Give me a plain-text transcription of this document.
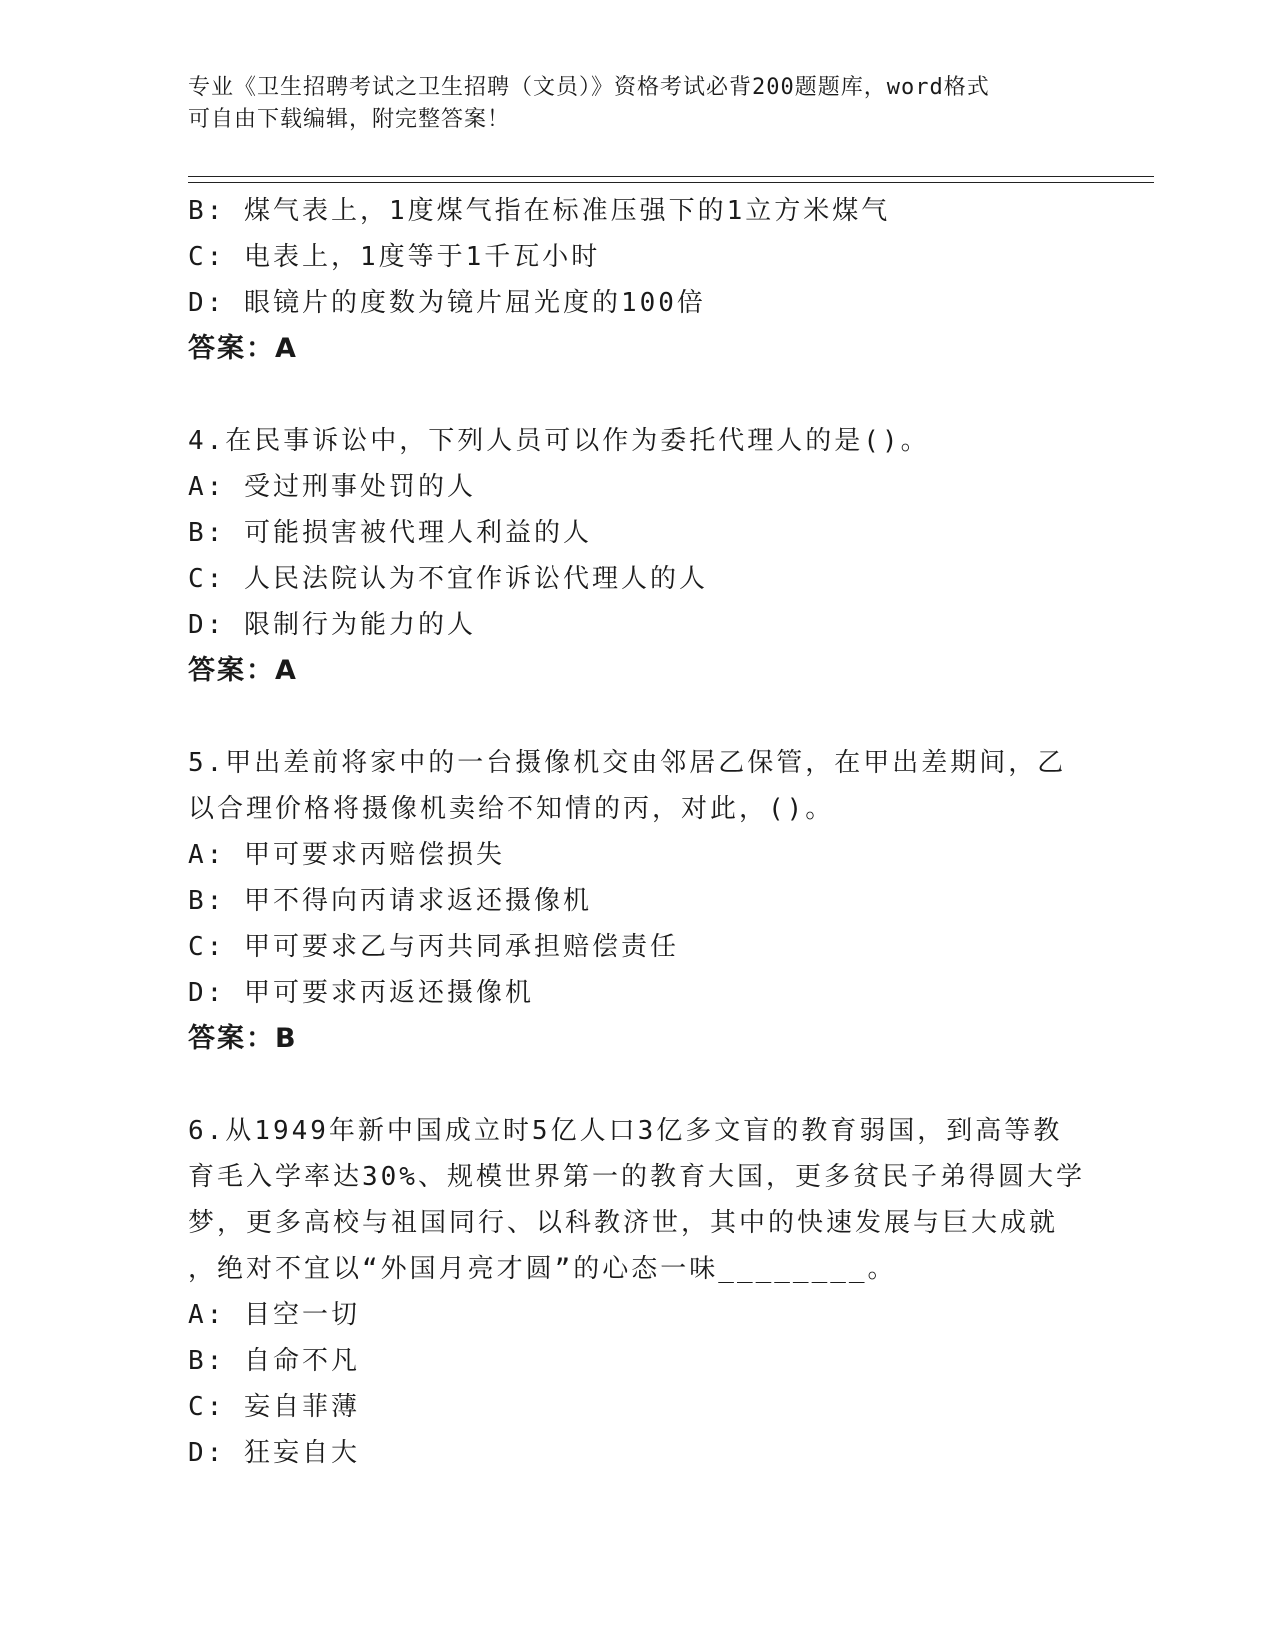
专业《卫生招聘考试之卫生招聘（文员）》资格考试必背200题题库，word格式
可自由下载编辑，附完整答案！
B: 煤气表上，1度煤气指在标准压强下的1立方米煤气
C: 电表上，1度等于1千瓦小时
D: 眼镜片的度数为镜片屈光度的100倍
答案：A
4.在民事诉讼中，下列人员可以作为委托代理人的是()。
A: 受过刑事处罚的人
B: 可能损害被代理人利益的人
C: 人民法院认为不宜作诉讼代理人的人
D: 限制行为能力的人
答案：A
5.甲出差前将家中的一台摄像机交由邻居乙保管，在甲出差期间，乙
以合理价格将摄像机卖给不知情的丙，对此，()。
A: 甲可要求丙赔偿损失
B: 甲不得向丙请求返还摄像机
C: 甲可要求乙与丙共同承担赔偿责任
D: 甲可要求丙返还摄像机
答案：B
6.从1949年新中国成立时5亿人口3亿多文盲的教育弱国，到高等教
育毛入学率达30%、规模世界第一的教育大国，更多贫民子弟得圆大学
梦，更多高校与祖国同行、以科教济世，其中的快速发展与巨大成就
，绝对不宜以“外国月亮才圆”的心态一味________。
A: 目空一切
B: 自命不凡
C: 妄自菲薄
D: 狂妄自大
